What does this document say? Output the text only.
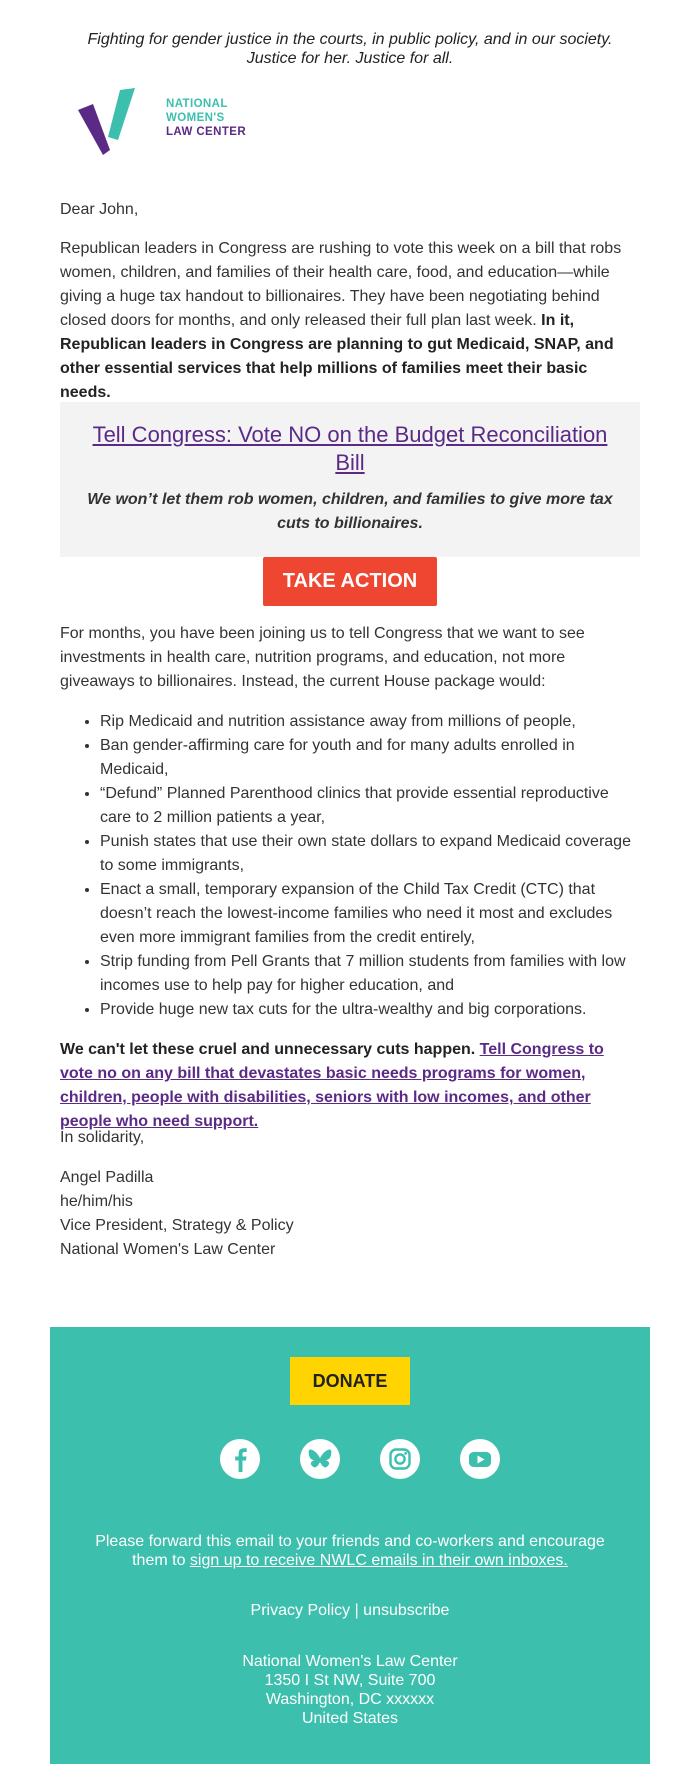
Fighting for gender justice in the courts, in public policy, and in our society.
Justice for her. Justice for all.
NATIONAL
WOMEN'S
LAW CENTER
Dear John,
Republican leaders in Congress are rushing to vote this week on a bill that robs women, children, and families of their health care, food, and education—while giving a huge tax handout to billionaires. They have been negotiating behind closed doors for months, and only released their full plan last week. In it, Republican leaders in Congress are planning to gut Medicaid, SNAP, and other essential services that help millions of families meet their basic needs.
Tell Congress: Vote NO on the Budget Reconciliation Bill
We won’t let them rob women, children, and families to give more tax cuts to billionaires.
TAKE ACTION
For months, you have been joining us to tell Congress that we want to see investments in health care, nutrition programs, and education, not more giveaways to billionaires. Instead, the current House package would:
• Rip Medicaid and nutrition assistance away from millions of people,
• Ban gender-affirming care for youth and for many adults enrolled in Medicaid,
• “Defund” Planned Parenthood clinics that provide essential reproductive care to 2 million patients a year,
• Punish states that use their own state dollars to expand Medicaid coverage to some immigrants,
• Enact a small, temporary expansion of the Child Tax Credit (CTC) that doesn’t reach the lowest-income families who need it most and excludes even more immigrant families from the credit entirely,
• Strip funding from Pell Grants that 7 million students from families with low incomes use to help pay for higher education, and
• Provide huge new tax cuts for the ultra-wealthy and big corporations.
We can't let these cruel and unnecessary cuts happen. Tell Congress to vote no on any bill that devastates basic needs programs for women, children, people with disabilities, seniors with low incomes, and other people who need support.
In solidarity,
Angel Padilla
he/him/his
Vice President, Strategy & Policy
National Women's Law Center
DONATE
Please forward this email to your friends and co-workers and encourage them to sign up to receive NWLC emails in their own inboxes.
Privacy Policy | unsubscribe
National Women's Law Center
1350 I St NW, Suite 700
Washington, DC xxxxxx
United States
